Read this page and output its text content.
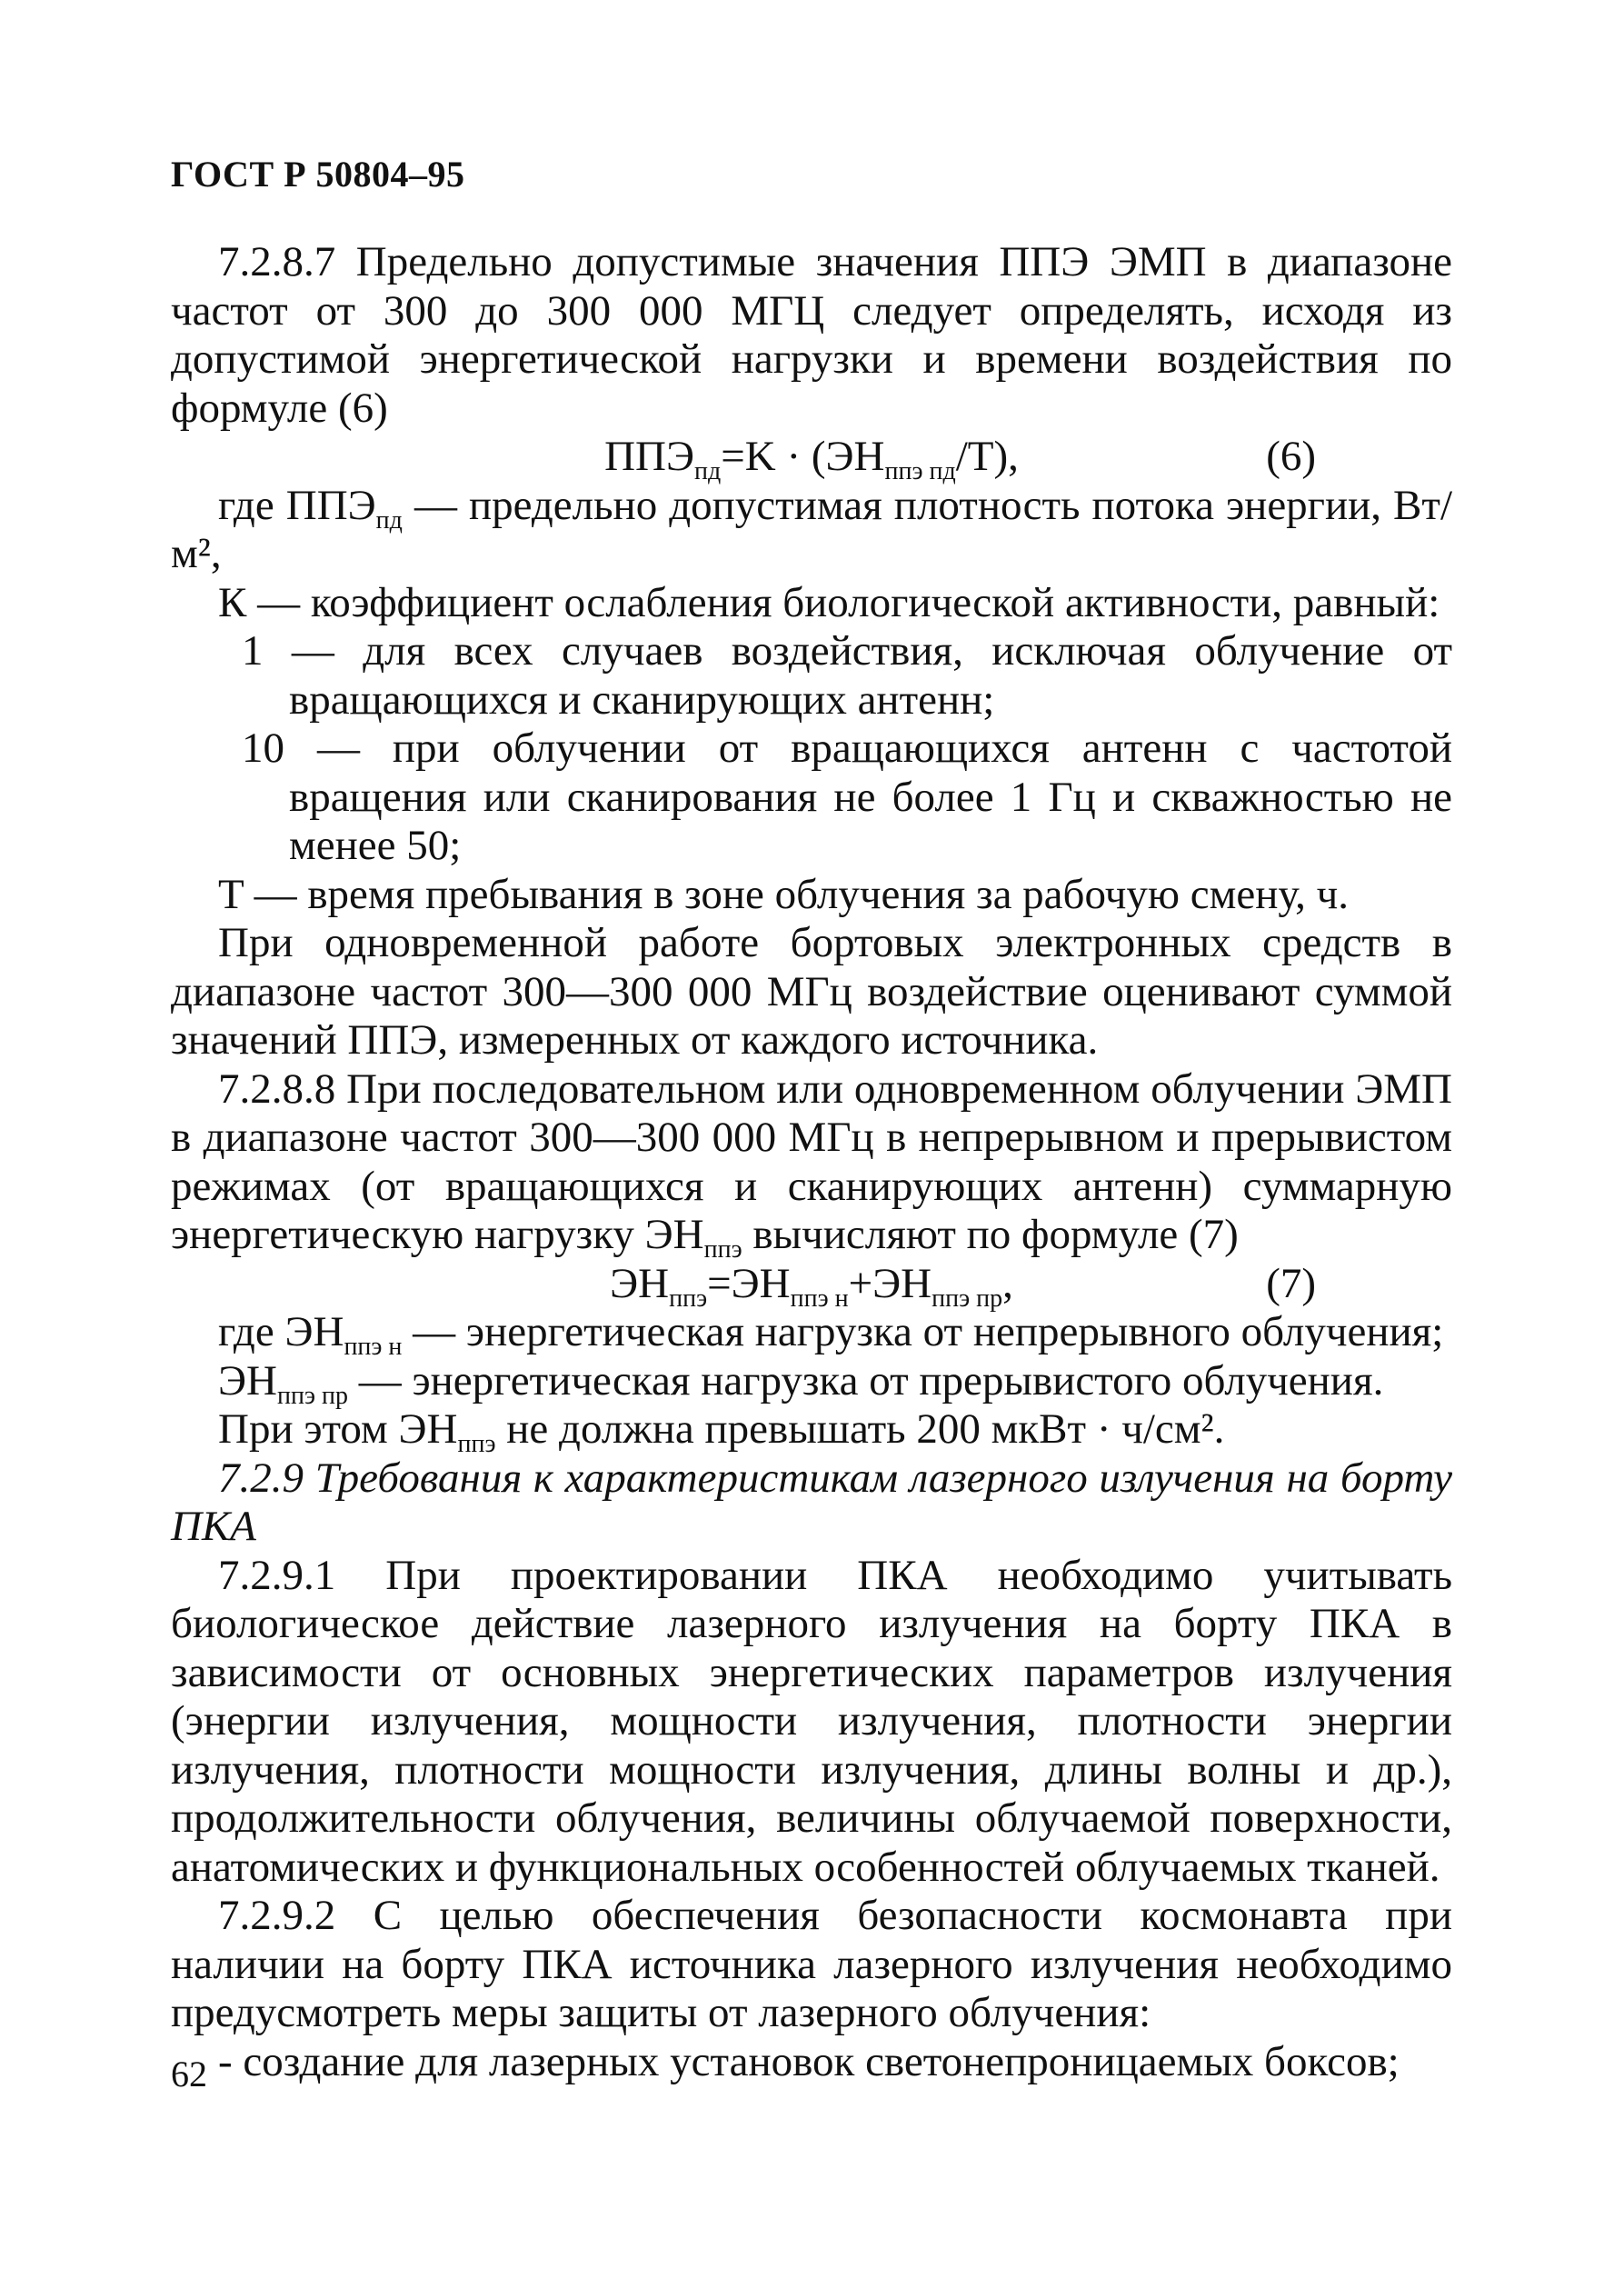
ГОСТ Р 50804–95

7.2.8.7 Предельно допустимые значения ППЭ ЭМП в диапазоне частот от 300 до 300 000 МГЦ следует определять, исходя из допустимой энергетической нагрузки и времени воздействия по формуле (6)

$ППЭ_{пд}=K \cdot (ЭН_{ппэ пд}/T)$,	(6)

где $ППЭ_{пд}$ — предельно допустимая плотность потока энергии, Вт/м²,

К — коэффициент ослабления биологической активности, равный:

1 — для всех случаев воздействия, исключая облучение от вращающихся и сканирующих антенн;

10 — при облучении от вращающихся антенн с частотой вращения или сканирования не более 1 Гц и скважностью не менее 50;

T — время пребывания в зоне облучения за рабочую смену, ч.

При одновременной работе бортовых электронных средств в диапазоне частот 300—300 000 МГц воздействие оценивают суммой значений ППЭ, измеренных от каждого источника.

7.2.8.8 При последовательном или одновременном облучении ЭМП в диапазоне частот 300—300 000 МГц в непрерывном и прерывистом режимах (от вращающихся и сканирующих антенн) суммарную энергетическую нагрузку $ЭН_{ппэ}$ вычисляют по формуле (7)

$ЭН_{ппэ}=ЭН_{ппэ н}+ЭН_{ппэ пр}$,	(7)

где $ЭН_{ппэ н}$ — энергетическая нагрузка от непрерывного облучения;

$ЭН_{ппэ пр}$ — энергетическая нагрузка от прерывистого облучения.

При этом $ЭН_{ппэ}$ не должна превышать 200 мкВт · ч/см².

7.2.9 Требования к характеристикам лазерного излучения на борту ПКА

7.2.9.1 При проектировании ПКА необходимо учитывать биологическое действие лазерного излучения на борту ПКА в зависимости от основных энергетических параметров излучения (энергии излучения, мощности излучения, плотности энергии излучения, плотности мощности излучения, длины волны и др.), продолжительности облучения, величины облучаемой поверхности, анатомических и функциональных особенностей облучаемых тканей.

7.2.9.2 С целью обеспечения безопасности космонавта при наличии на борту ПКА источника лазерного излучения необходимо предусмотреть меры защиты от лазерного облучения:

- создание для лазерных установок светонепроницаемых боксов;

62
